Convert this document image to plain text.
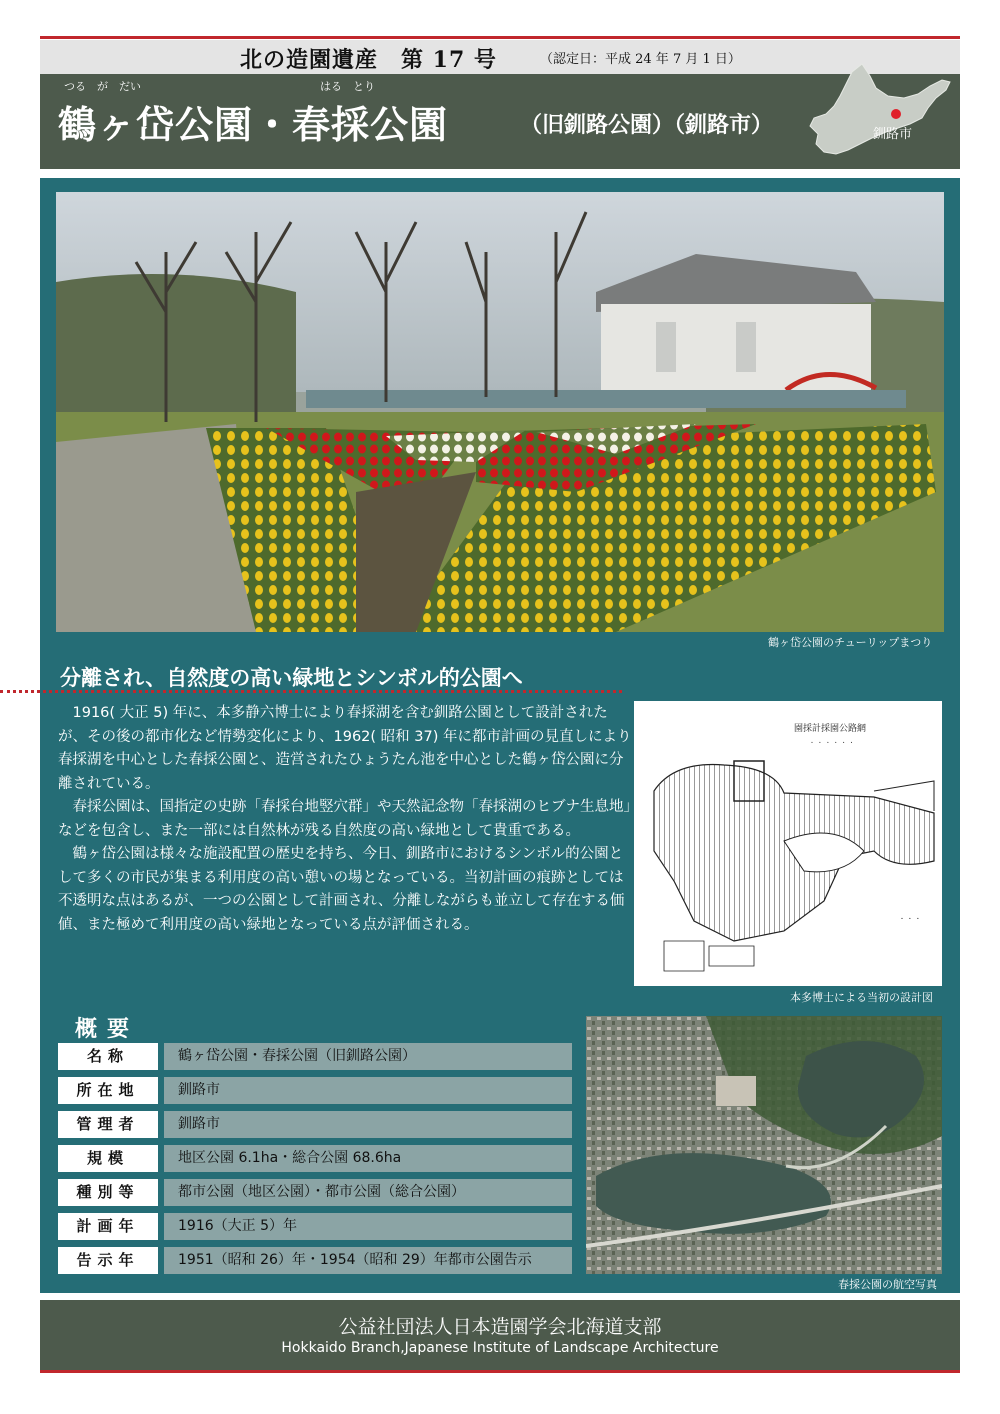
北の造園遺産　第 17 号	（認定日：平成 24 年 7 月 1 日）
つる　が　だい	はる　とり
鶴ヶ岱公園・春採公園	（旧釧路公園）（釧路市）	釧路市
鶴ヶ岱公園のチューリップまつり
分離され、自然度の高い緑地とシンボル的公園へ

1916( 大正 5) 年に、本多静六博士により春採湖を含む釧路公園として設計されたが、その後の都市化など情勢変化により、1962( 昭和 37) 年に都市計画の見直しにより春採湖を中心とした春採公園と、造営されたひょうたん池を中心とした鶴ヶ岱公園に分離されている。

春採公園は、国指定の史跡「春採台地竪穴群」や天然記念物「春採湖のヒブナ生息地」などを包含し、また一部には自然林が残る自然度の高い緑地として貴重である。

鶴ヶ岱公園は様々な施設配置の歴史を持ち、今日、釧路市におけるシンボル的公園として多くの市民が集まる利用度の高い憩いの場となっている。当初計画の痕跡としては不透明な点はあるが、一つの公園として計画され、分離しながらも並立して存在する価値、また極めて利用度の高い緑地となっている点が評価される。

園採計採園公路網
・ ・ ・ ・ ・ ・
・ ・ ・
本多博士による当初の設計図
概要
名称	鶴ヶ岱公園・春採公園（旧釧路公園）
所在地	釧路市
管理者	釧路市
規模	地区公園 6.1ha・総合公園 68.6ha
種別等	都市公園（地区公園）・都市公園（総合公園）
計画年	1916（大正 5）年
告示年	1951（昭和 26）年・1954（昭和 29）年都市公園告示
春採公園の航空写真
公益社団法人日本造園学会北海道支部
Hokkaido Branch,Japanese Institute of Landscape Architecture
